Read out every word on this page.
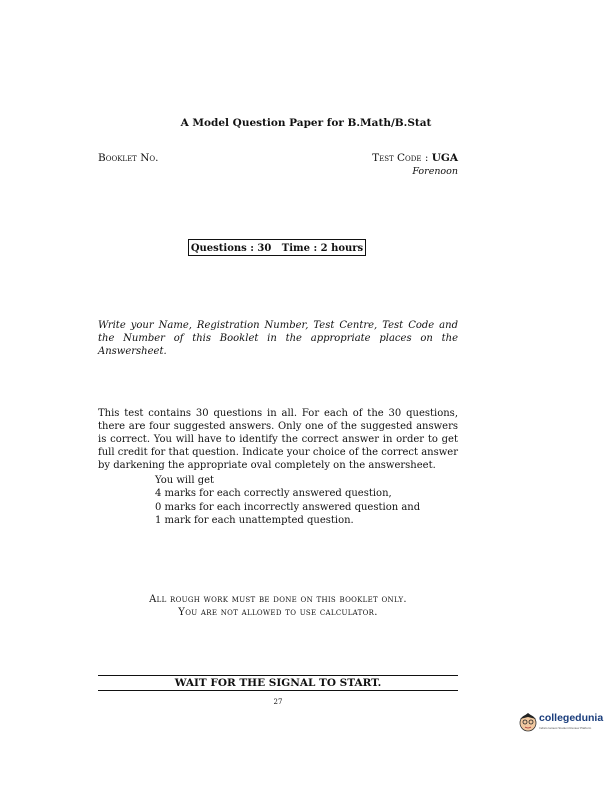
A Model Question Paper for B.Math/B.Stat
Booklet No.	Test Code : UGA
Forenoon
Questions : 30   Time : 2 hours
Write your Name, Registration Number, Test Centre, Test Code and the Number of this Booklet in the appropriate places on the Answersheet.
This test contains 30 questions in all. For each of the 30 questions, there are four suggested answers. Only one of the suggested answers is correct. You will have to identify the correct answer in order to get full credit for that question. Indicate your choice of the correct answer by darkening the appropriate oval completely on the answersheet.
You will get
4 marks for each correctly answered question,
0 marks for each incorrectly answered question and
1 mark for each unattempted question.
All rough work must be done on this booklet only.
You are not allowed to use calculator.
WAIT FOR THE SIGNAL TO START.
27
collegedunia
India's largest Student Review Platform
